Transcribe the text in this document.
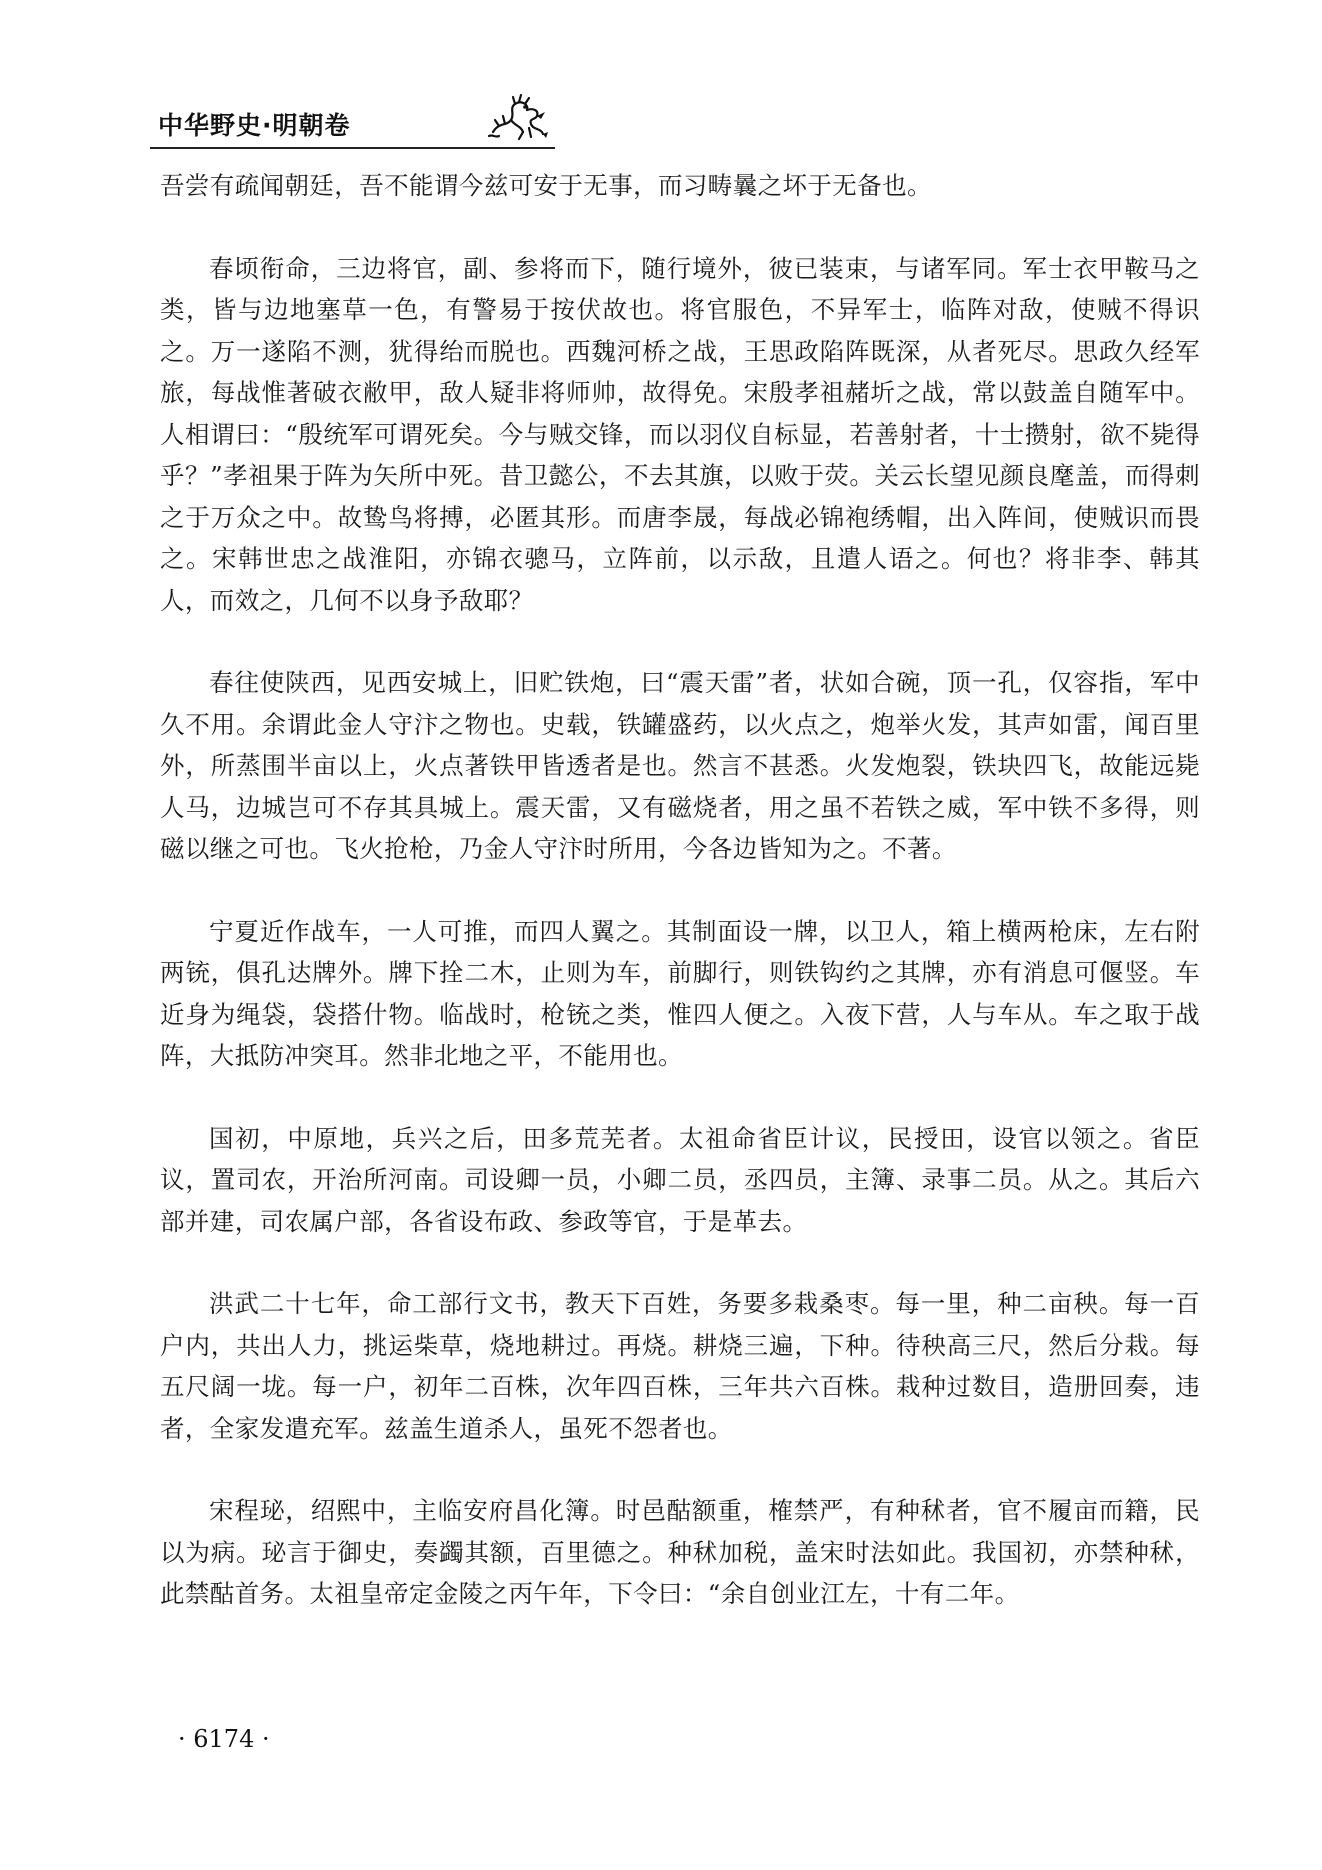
中华野史·明朝卷

吾尝有疏闻朝廷，吾不能谓今兹可安于无事，而习畴曩之坏于无备也。

春顷衔命，三边将官，副、参将而下，随行境外，彼已装束，与诸军同。军士衣甲鞍马之类，皆与边地塞草一色，有警易于按伏故也。将官服色，不异军士，临阵对敌，使贼不得识之。万一遂陷不测，犹得绐而脱也。西魏河桥之战，王思政陷阵既深，从者死尽。思政久经军旅，每战惟著破衣敝甲，敌人疑非将师帅，故得免。宋殷孝祖赭圻之战，常以鼓盖自随军中。人相谓曰：“殷统军可谓死矣。今与贼交锋，而以羽仪自标显，若善射者，十士攒射，欲不毙得乎？”孝祖果于阵为矢所中死。昔卫懿公，不去其旗，以败于荧。关云长望见颜良麾盖，而得刺之于万众之中。故鸷鸟将搏，必匿其形。而唐李晟，每战必锦袍绣帽，出入阵间，使贼识而畏之。宋韩世忠之战淮阳，亦锦衣骢马，立阵前，以示敌，且遣人语之。何也？将非李、韩其人，而效之，几何不以身予敌耶？

春往使陕西，见西安城上，旧贮铁炮，曰“震天雷”者，状如合碗，顶一孔，仅容指，军中久不用。余谓此金人守汴之物也。史载，铁罐盛药，以火点之，炮举火发，其声如雷，闻百里外，所蒸围半亩以上，火点著铁甲皆透者是也。然言不甚悉。火发炮裂，铁块四飞，故能远毙人马，边城岂可不存其具城上。震天雷，又有磁烧者，用之虽不若铁之威，军中铁不多得，则磁以继之可也。飞火抢枪，乃金人守汴时所用，今各边皆知为之。不著。

宁夏近作战车，一人可推，而四人翼之。其制面设一牌，以卫人，箱上横两枪床，左右附两铳，俱孔达牌外。牌下拴二木，止则为车，前脚行，则铁钩约之其牌，亦有消息可偃竖。车近身为绳袋，袋搭什物。临战时，枪铳之类，惟四人便之。入夜下营，人与车从。车之取于战阵，大抵防冲突耳。然非北地之平，不能用也。

国初，中原地，兵兴之后，田多荒芜者。太祖命省臣计议，民授田，设官以领之。省臣议，置司农，开治所河南。司设卿一员，小卿二员，丞四员，主簿、录事二员。从之。其后六部并建，司农属户部，各省设布政、参政等官，于是革去。

洪武二十七年，命工部行文书，教天下百姓，务要多栽桑枣。每一里，种二亩秧。每一百户内，共出人力，挑运柴草，烧地耕过。再烧。耕烧三遍，下种。待秧高三尺，然后分栽。每五尺阔一垅。每一户，初年二百株，次年四百株，三年共六百株。栽种过数目，造册回奏，违者，全家发遣充军。兹盖生道杀人，虽死不怨者也。

宋程珌，绍熙中，主临安府昌化簿。时邑酤额重，榷禁严，有种秫者，官不履亩而籍，民以为病。珌言于御史，奏蠲其额，百里德之。种秫加税，盖宋时法如此。我国初，亦禁种秫，此禁酤首务。太祖皇帝定金陵之丙午年，下令曰：“余自创业江左，十有二年。

· 6174 ·
